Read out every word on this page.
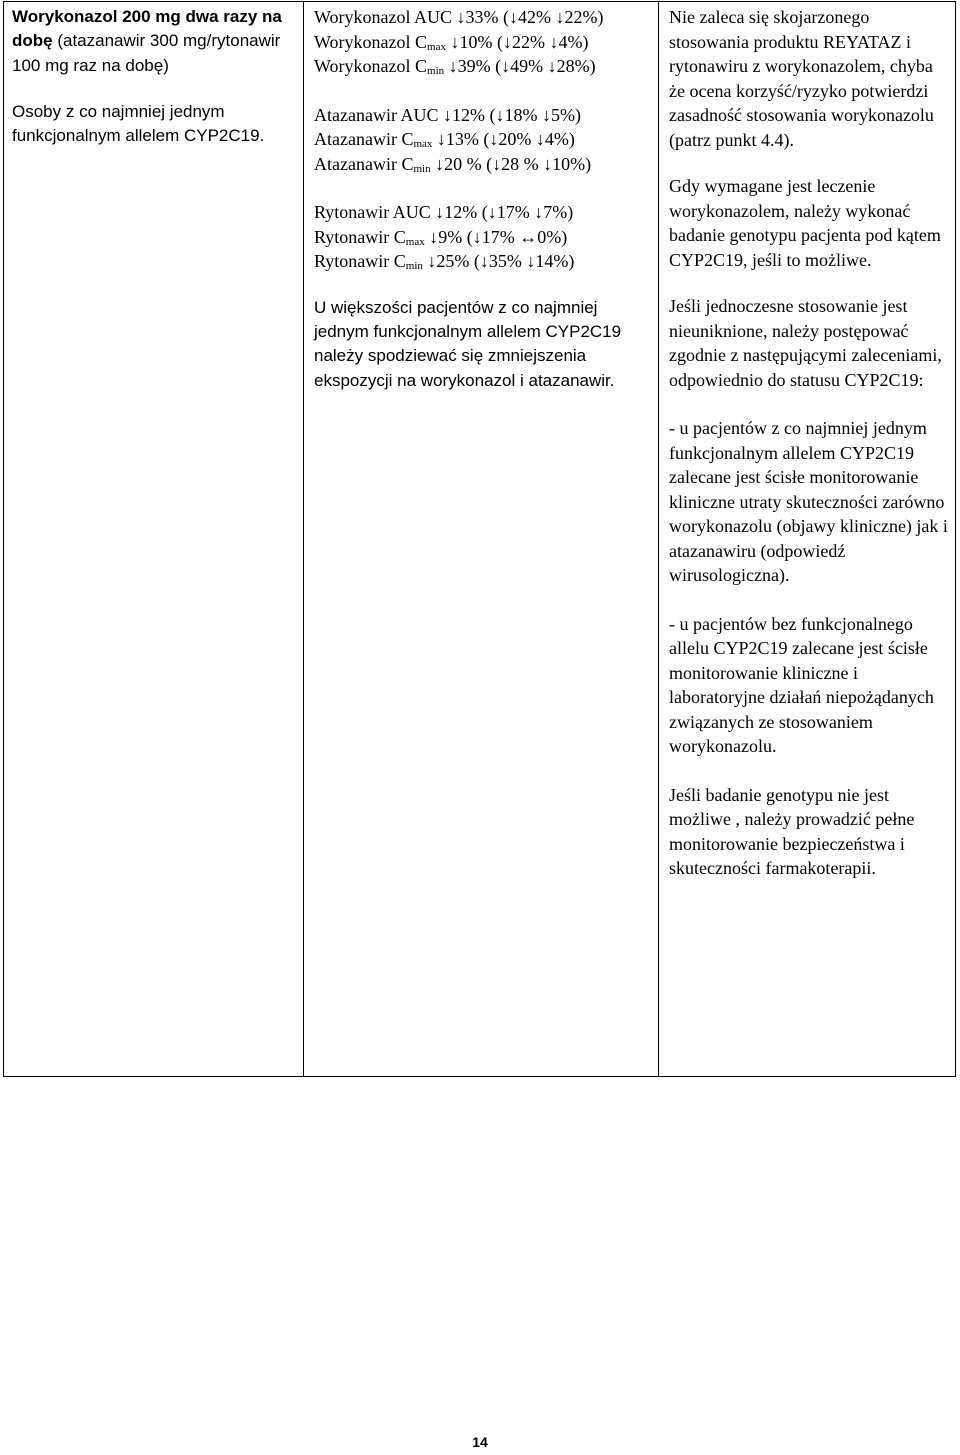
Worykonazol 200 mg dwa razy na dobę (atazanawir 300 mg/rytonawir 100 mg raz na dobę)

Osoby z co najmniej jednym funkcjonalnym allelem CYP2C19.

Worykonazol AUC ↓33% (↓42% ↓22%)

Worykonazol $C_{max}$ ↓10% (↓22% ↓4%)

Worykonazol $C_{min}$ ↓39% (↓49% ↓28%)

Atazanawir AUC ↓12% (↓18% ↓5%)

Atazanawir $C_{max}$ ↓13% (↓20% ↓4%)

Atazanawir $C_{min}$ ↓20 % (↓28 % ↓10%)

Rytonawir AUC ↓12% (↓17% ↓7%)

Rytonawir $C_{max}$ ↓9% (↓17% ↔0%)

Rytonawir $C_{min}$ ↓25% (↓35% ↓14%)

U większości pacjentów z co najmniej jednym funkcjonalnym allelem CYP2C19 należy spodziewać się zmniejszenia ekspozycji na worykonazol i atazanawir.

Nie zaleca się skojarzonego stosowania produktu REYATAZ i rytonawiru z worykonazolem, chyba że ocena korzyść/ryzyko potwierdzi zasadność stosowania worykonazolu (patrz punkt 4.4).

Gdy wymagane jest leczenie worykonazolem, należy wykonać badanie genotypu pacjenta pod kątem CYP2C19, jeśli to możliwe.

Jeśli jednoczesne stosowanie jest nieuniknione, należy postępować zgodnie z następującymi zaleceniami, odpowiednio do statusu CYP2C19:

- u pacjentów z co najmniej jednym funkcjonalnym allelem CYP2C19 zalecane jest ścisłe monitorowanie kliniczne utraty skuteczności zarówno worykonazolu (objawy kliniczne) jak i atazanawiru (odpowiedź wirusologiczna).

- u pacjentów bez funkcjonalnego allelu CYP2C19 zalecane jest ścisłe monitorowanie kliniczne i laboratoryjne działań niepożądanych związanych ze stosowaniem worykonazolu.

Jeśli badanie genotypu nie jest możliwe , należy prowadzić pełne monitorowanie bezpieczeństwa i skuteczności farmakoterapii.

14
